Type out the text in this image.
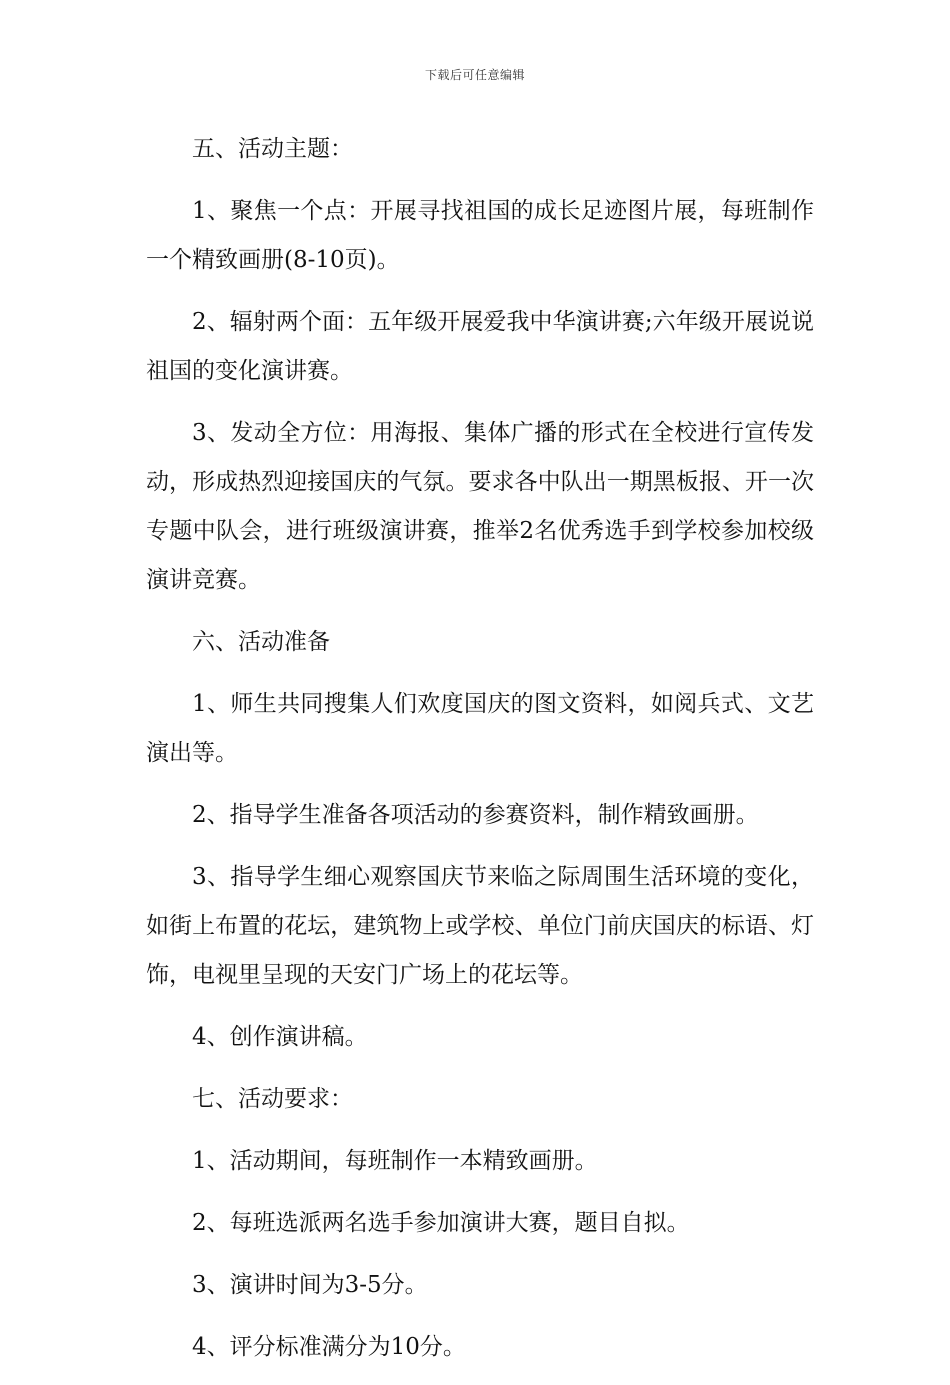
下载后可任意编辑

五、活动主题：

1、聚焦一个点：开展寻找祖国的成长足迹图片展，每班制作一个精致画册(8-10页)。

2、辐射两个面：五年级开展爱我中华演讲赛;六年级开展说说祖国的变化演讲赛。

3、发动全方位：用海报、集体广播的形式在全校进行宣传发动，形成热烈迎接国庆的气氛。要求各中队出一期黑板报、开一次专题中队会，进行班级演讲赛，推举2名优秀选手到学校参加校级演讲竞赛。

六、活动准备

1、师生共同搜集人们欢度国庆的图文资料，如阅兵式、文艺演出等。

2、指导学生准备各项活动的参赛资料，制作精致画册。

3、指导学生细心观察国庆节来临之际周围生活环境的变化，如街上布置的花坛，建筑物上或学校、单位门前庆国庆的标语、灯饰，电视里呈现的天安门广场上的花坛等。

4、创作演讲稿。

七、活动要求：

1、活动期间，每班制作一本精致画册。

2、每班选派两名选手参加演讲大赛，题目自拟。

3、演讲时间为3-5分。

4、评分标准满分为10分。
